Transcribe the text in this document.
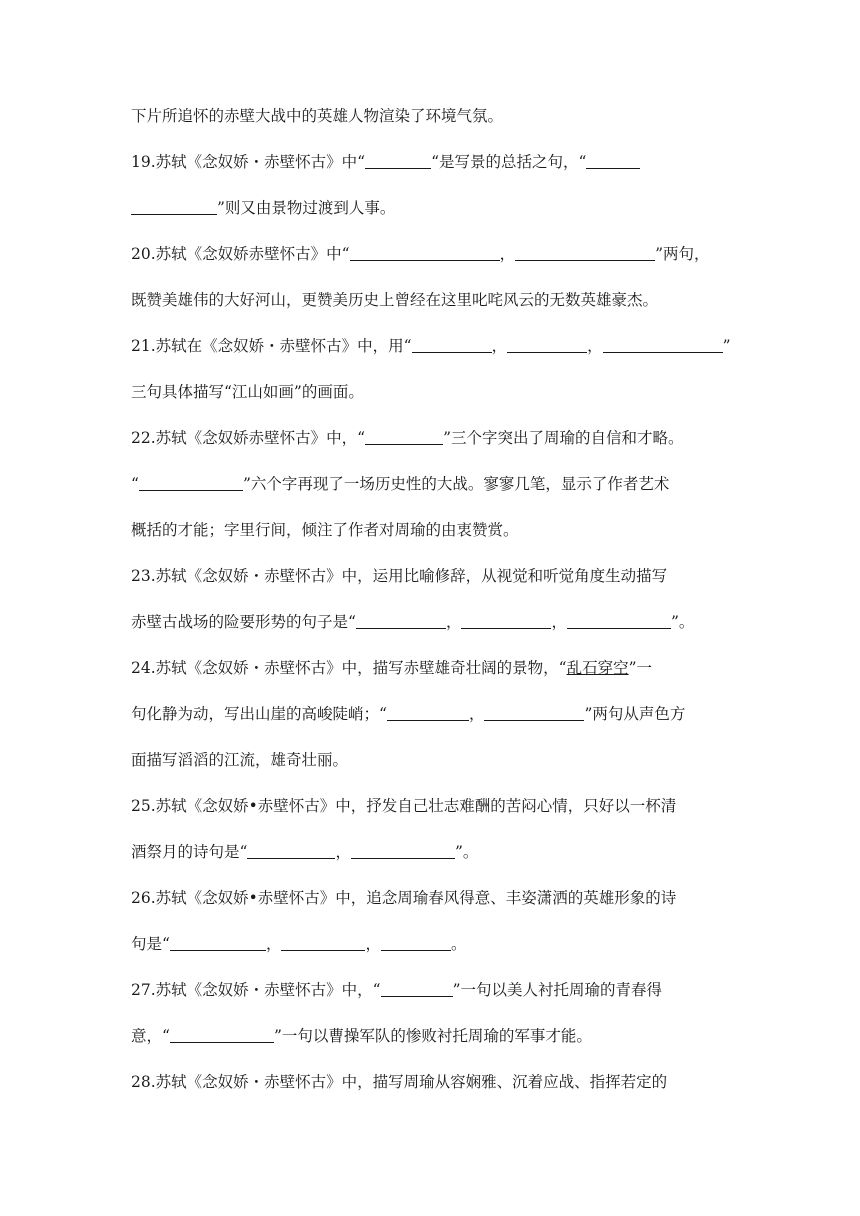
下片所追怀的赤壁大战中的英雄人物渲染了环境气氛。
19.苏轼《念奴娇・赤壁怀古》中“	“是写景的总括之句，“
”则又由景物过渡到人事。
20.苏轼《念奴娇赤壁怀古》中“	，	”两句，
既赞美雄伟的大好河山，更赞美历史上曾经在这里叱咤风云的无数英雄豪杰。
21.苏轼在《念奴娇・赤壁怀古》中，用“	，	，	”
三句具体描写“江山如画”的画面。
22.苏轼《念奴娇赤壁怀古》中，“	”三个字突出了周瑜的自信和才略。
“	”六个字再现了一场历史性的大战。寥寥几笔，显示了作者艺术
概括的才能；字里行间，倾注了作者对周瑜的由衷赞赏。
23.苏轼《念奴娇・赤壁怀古》中，运用比喻修辞，从视觉和听觉角度生动描写
赤壁古战场的险要形势的句子是“	，	，	”。
24.苏轼《念奴娇・赤壁怀古》中，描写赤壁雄奇壮阔的景物，“乱石穿空”一
句化静为动，写出山崖的高峻陡峭；“	，	”两句从声色方
面描写滔滔的江流，雄奇壮丽。
25.苏轼《念奴娇•赤壁怀古》中，抒发自己壮志难酬的苦闷心情，只好以一杯清
酒祭月的诗句是“	，	”。
26.苏轼《念奴娇•赤壁怀古》中，追念周瑜春风得意、丰姿潇洒的英雄形象的诗
句是“	，	，	。
27.苏轼《念奴娇・赤壁怀古》中，“	”一句以美人衬托周瑜的青春得
意，“	”一句以曹操军队的惨败衬托周瑜的军事才能。
28.苏轼《念奴娇・赤壁怀古》中，描写周瑜从容娴雅、沉着应战、指挥若定的
